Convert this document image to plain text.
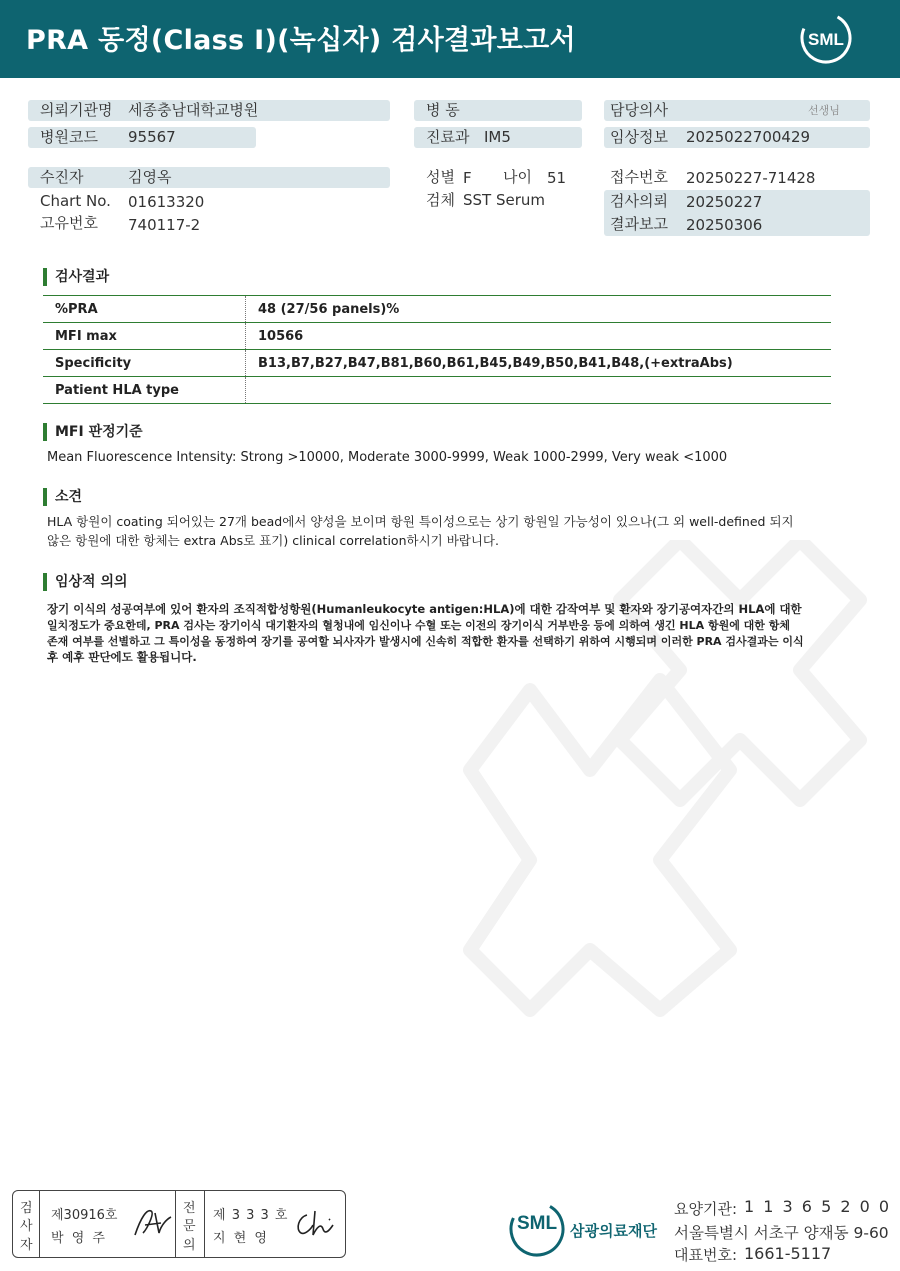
PRA 동정(Class I)(녹십자) 검사결과보고서	SML
의뢰기관명 세종충남대학교병원
병원코드 95567
병 동
진료과 IM5
담당의사	선생님
임상정보 2025022700429
수진자	김영옥
Chart No. 01613320
고유번호 740117-2
성별 F 나이 51
검체 SST Serum
접수번호 20250227-71428
검사의뢰 20250227
결과보고 20250306
검사결과
%PRA	48 (27/56 panels)%
MFI max	10566
Specificity	B13,B7,B27,B47,B81,B60,B61,B45,B49,B50,B41,B48,(+extraAbs)
Patient HLA type	
MFI 판정기준
Mean Fluorescence Intensity: Strong >10000, Moderate 3000-9999, Weak 1000-2999, Very weak <1000
소견
HLA 항원이 coating 되어있는 27개 bead에서 양성을 보이며 항원 특이성으로는 상기 항원일 가능성이 있으나(그 외 well-defined 되지
않은 항원에 대한 항체는 extra Abs로 표기) clinical correlation하시기 바랍니다.
임상적 의의
장기 이식의 성공여부에 있어 환자의 조직적합성항원(Humanleukocyte antigen:HLA)에 대한 감작여부 및 환자와 장기공여자간의 HLA에 대한
일치정도가 중요한데, PRA 검사는 장기이식 대기환자의 혈청내에 임신이나 수혈 또는 이전의 장기이식 거부반응 등에 의하여 생긴 HLA 항원에 대한 항체
존재 여부를 선별하고 그 특이성을 동정하여 장기를 공여할 뇌사자가 발생시에 신속히 적합한 환자를 선택하기 위하여 시행되며 이러한 PRA 검사결과는 이식
후 예후 판단에도 활용됩니다.
검
사
자
제30916호
박 영 주
전
문
의
제 3 3 3 호
지 현 영
SML 삼광의료재단
요양기관: 1 1 3 6 5 2 0 0
서울특별시 서초구 양재동 9-60
대표번호: 1661-5117
